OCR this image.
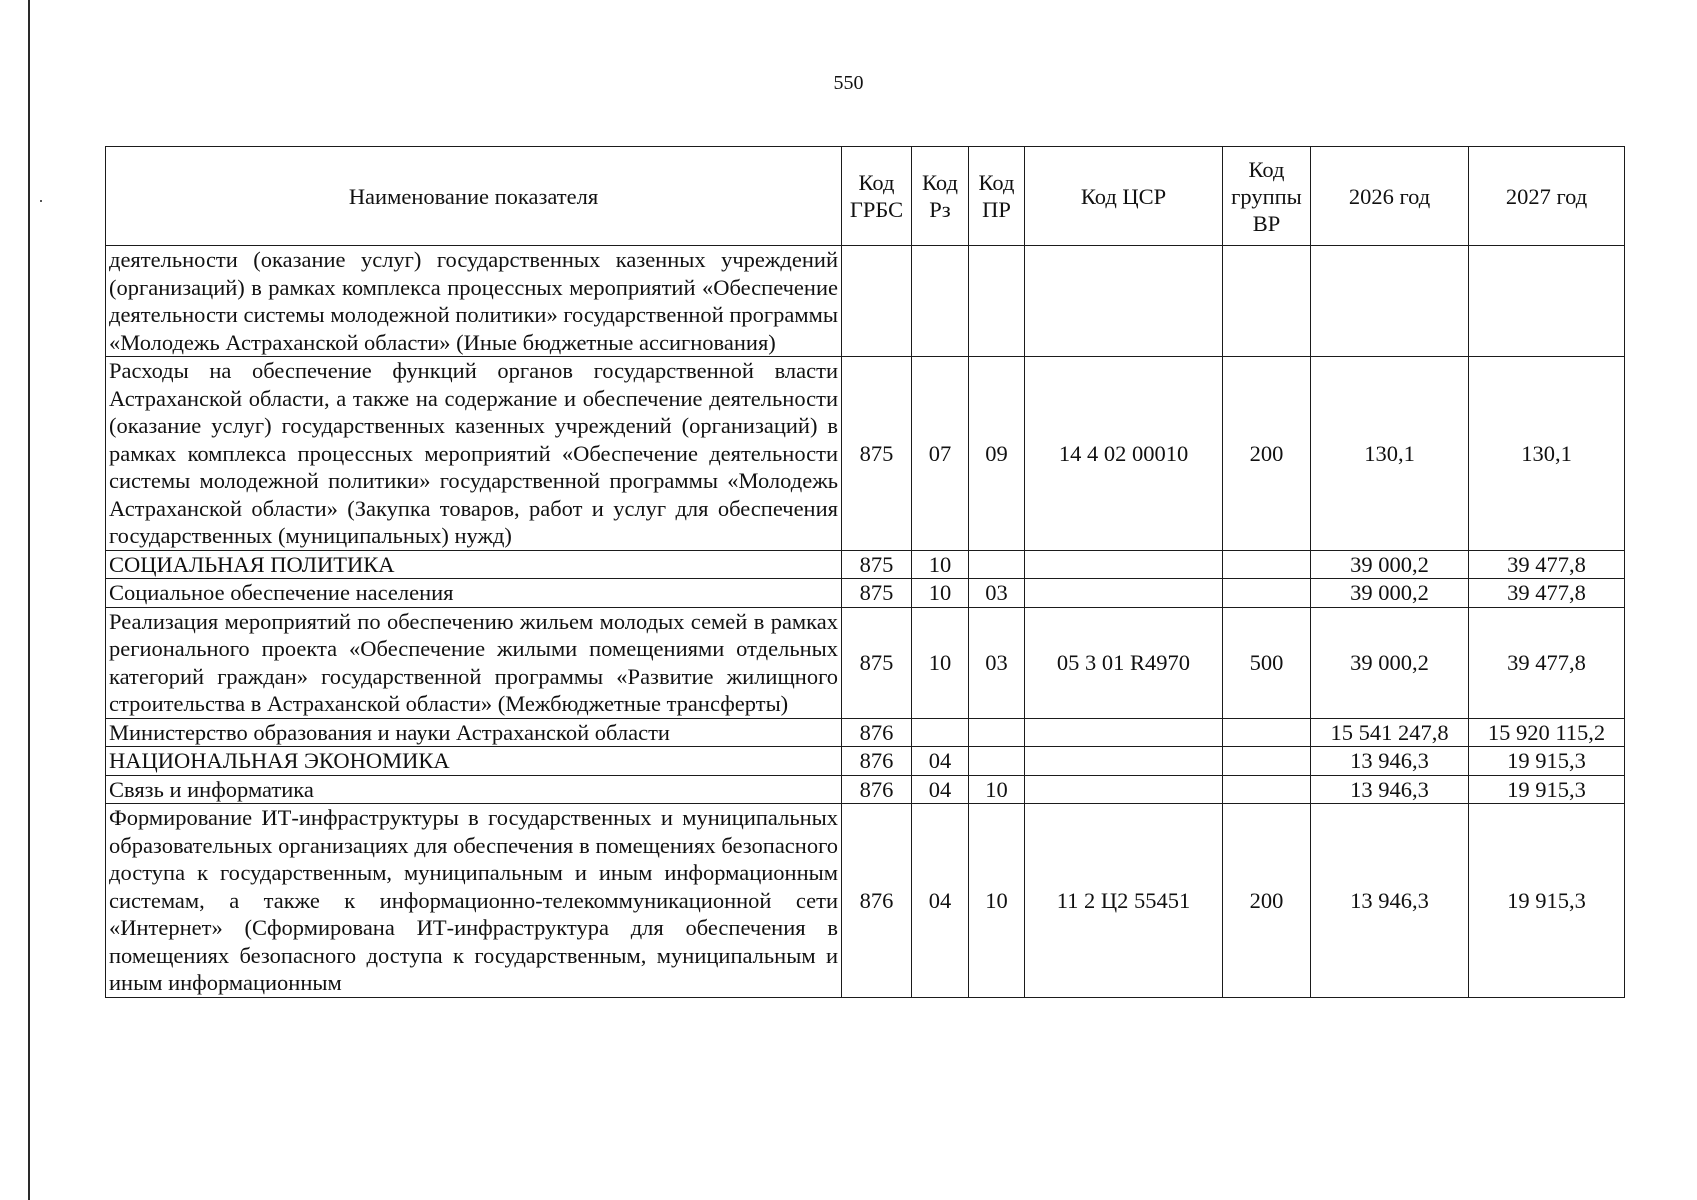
550
Наименование показателя	Код ГРБС	Код Рз	Код ПР	Код ЦСР	Код группы ВР	2026 год	2027 год
деятельности (оказание услуг) государственных казенных учреждений (организаций) в рамках комплекса процессных мероприятий «Обеспечение деятельности системы молодежной политики» государственной программы «Молодежь Астраханской области» (Иные бюджетные ассигнования)							
Расходы на обеспечение функций органов государственной власти Астраханской области, а также на содержание и обеспечение деятельности (оказание услуг) государственных казенных учреждений (организаций) в рамках комплекса процессных мероприятий «Обеспечение деятельности системы молодежной политики» государственной программы «Молодежь Астраханской области» (Закупка товаров, работ и услуг для обеспечения государственных (муниципальных) нужд)	875	07	09	14 4 02 00010	200	130,1	130,1
СОЦИАЛЬНАЯ ПОЛИТИКА	875	10				39 000,2	39 477,8
Социальное обеспечение населения	875	10	03			39 000,2	39 477,8
Реализация мероприятий по обеспечению жильем молодых семей в рамках регионального проекта «Обеспечение жилыми помещениями отдельных категорий граждан» государственной программы «Развитие жилищного строительства в Астраханской области» (Межбюджетные трансферты)	875	10	03	05 3 01 R4970	500	39 000,2	39 477,8
Министерство образования и науки Астраханской области	876					15 541 247,8	15 920 115,2
НАЦИОНАЛЬНАЯ ЭКОНОМИКА	876	04				13 946,3	19 915,3
Связь и информатика	876	04	10			13 946,3	19 915,3
Формирование ИТ-инфраструктуры в государственных и муниципальных образовательных организациях для обеспечения в помещениях безопасного доступа к государственным, муниципальным и иным информационным системам, а также к информационно-телекоммуникационной сети «Интернет» (Сформирована ИТ-инфраструктура для обеспечения в помещениях безопасного доступа к государственным, муниципальным и иным информационным	876	04	10	11 2 Ц2 55451	200	13 946,3	19 915,3
